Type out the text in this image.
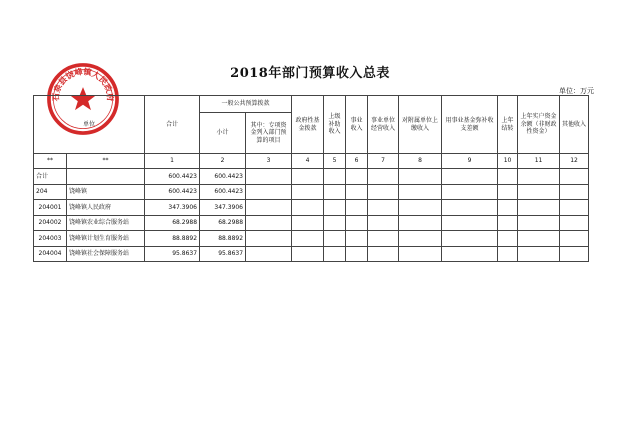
2018年部门预算收入总表
单位：万元
石泉县饶峰镇人民政府
单位		合计	一般公共预算拨款		政府性基金拨款	上级补助收入	事业收入	事业单位经营收入	对附属单位上缴收入	用事业基金弥补收支差额	上年结转	上年实户资金余额（非财政性资金）	其他收入
			小计	其中：专项资金列入部门预算的项目									
**	**	1	2	3	4	5	6	7	8	9	10	11	12
合计		600.4423	600.4423										
204	饶峰镇	600.4423	600.4423										
204001	饶峰镇人民政府	347.3906	347.3906										
204002	饶峰镇农业综合服务站	68.2988	68.2988										
204003	饶峰镇计划生育服务站	88.8892	88.8892										
204004	饶峰镇社会保障服务站	95.8637	95.8637										
